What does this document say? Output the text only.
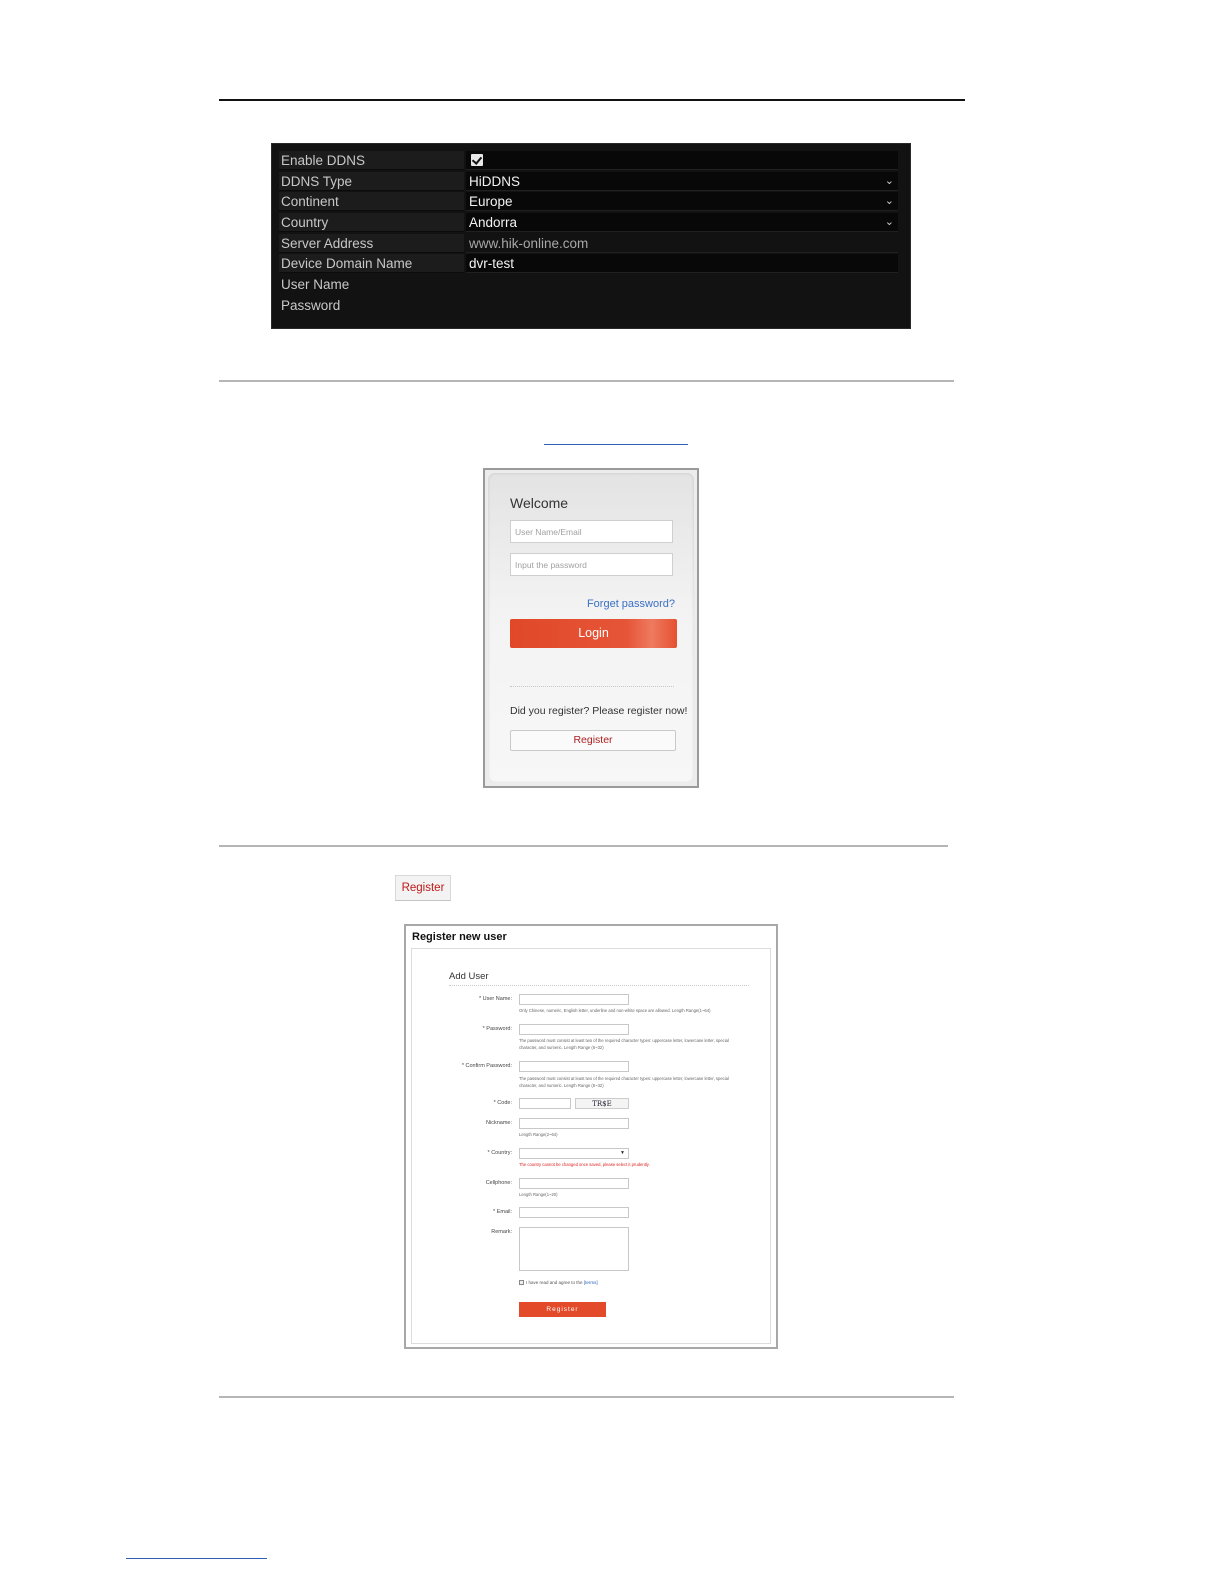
Enable DDNS
DDNS Type	HiDDNS	⌄
Continent	Europe	⌄
Country	Andorra	⌄
Server Address	www.hik-online.com
Device Domain Name	dvr-test
User Name
Password
Welcome
User Name/Email
Input the password
Forget password?
Login
Did you register? Please register now!
Register
Register
Register new user
Add User
* User Name:
Only Chinese, numeric, English letter, underline and non-white space are allowed. Length Range(1~64)
* Password:
The password must consist at least two of the required character types: uppercase letter, lowercase letter, special character, and numeric. Length Range (6~32)
* Confirm Password:
The password must consist at least two of the required character types: uppercase letter, lowercase letter, special character, and numeric. Length Range (6~32)
* Code:	TR$E
Nickname:
Length Range(2~64)
* Country:	▼
The country cannot be changed once saved, please select it prudently.
Cellphone:
Length Range(1~20)
* Email:
Remark:
I have read and agree to the [terms]
Register
